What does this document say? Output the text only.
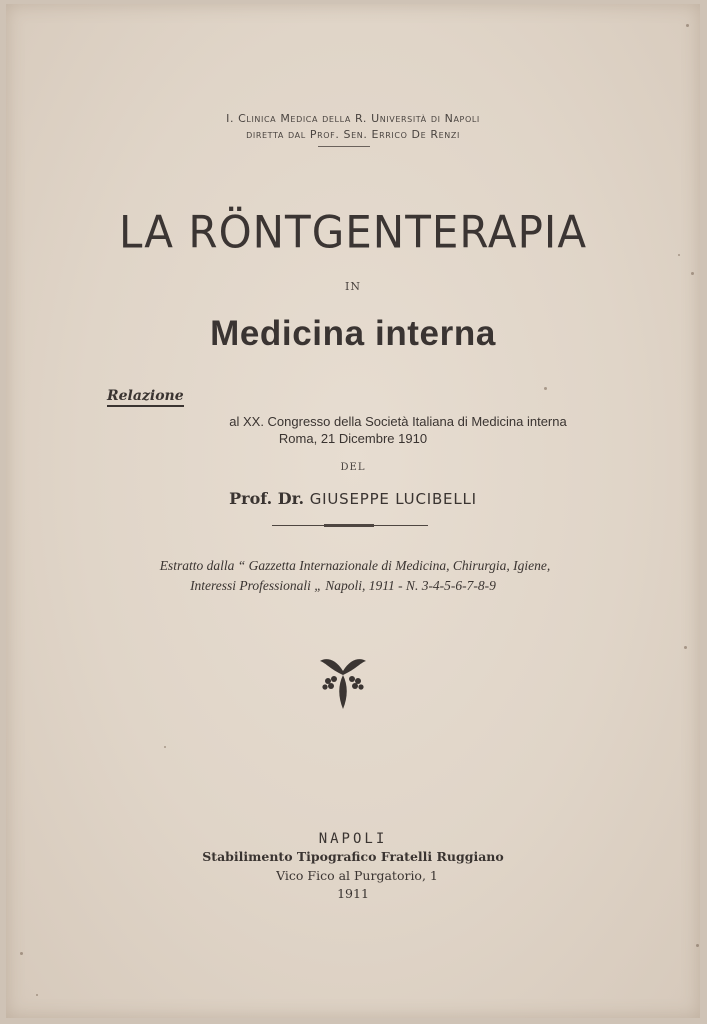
I. Clinica Medica della R. Università di Napoli
diretta dal Prof. Sen. Errico De Renzi
LA RÖNTGENTERAPIA
IN
Medicina interna
Relazione
al XX. Congresso della Società Italiana di Medicina interna
Roma, 21 Dicembre 1910
DEL
Prof. Dr. GIUSEPPE LUCIBELLI
Estratto dalla “ Gazzetta Internazionale di Medicina, Chirurgia, Igiene,
Interessi Professionali „ Napoli, 1911 - N. 3-4-5-6-7-8-9
NAPOLI
Stabilimento Tipografico Fratelli Ruggiano
Vico Fico al Purgatorio, 1
1911
